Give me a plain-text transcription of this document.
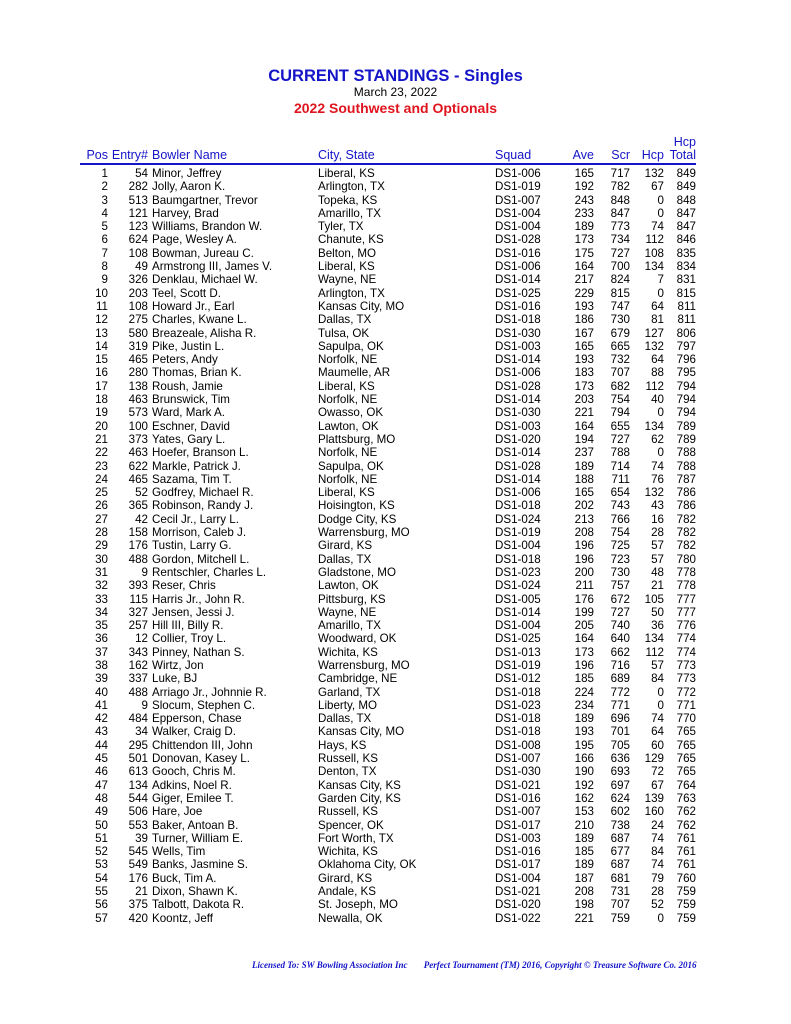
CURRENT STANDINGS - Singles
March 23, 2022
2022 Southwest and Optionals
Pos	Entry#	Bowler Name	City, State	Squad	Ave	Scr	Hcp	Hcp
Total
1	54	Minor, Jeffrey	Liberal, KS	DS1-006	165	717	132	849
2	282	Jolly, Aaron K.	Arlington, TX	DS1-019	192	782	67	849
3	513	Baumgartner, Trevor	Topeka, KS	DS1-007	243	848	0	848
4	121	Harvey, Brad	Amarillo, TX	DS1-004	233	847	0	847
5	123	Williams, Brandon W.	Tyler, TX	DS1-004	189	773	74	847
6	624	Page, Wesley A.	Chanute, KS	DS1-028	173	734	112	846
7	108	Bowman, Jureau C.	Belton, MO	DS1-016	175	727	108	835
8	49	Armstrong III, James V.	Liberal, KS	DS1-006	164	700	134	834
9	326	Denklau, Michael W.	Wayne, NE	DS1-014	217	824	7	831
10	203	Teel, Scott D.	Arlington, TX	DS1-025	229	815	0	815
11	108	Howard Jr., Earl	Kansas City, MO	DS1-016	193	747	64	811
12	275	Charles, Kwane L.	Dallas, TX	DS1-018	186	730	81	811
13	580	Breazeale, Alisha R.	Tulsa, OK	DS1-030	167	679	127	806
14	319	Pike, Justin L.	Sapulpa, OK	DS1-003	165	665	132	797
15	465	Peters, Andy	Norfolk, NE	DS1-014	193	732	64	796
16	280	Thomas, Brian K.	Maumelle, AR	DS1-006	183	707	88	795
17	138	Roush, Jamie	Liberal, KS	DS1-028	173	682	112	794
18	463	Brunswick, Tim	Norfolk, NE	DS1-014	203	754	40	794
19	573	Ward, Mark A.	Owasso, OK	DS1-030	221	794	0	794
20	100	Eschner, David	Lawton, OK	DS1-003	164	655	134	789
21	373	Yates, Gary L.	Plattsburg, MO	DS1-020	194	727	62	789
22	463	Hoefer, Branson L.	Norfolk, NE	DS1-014	237	788	0	788
23	622	Markle, Patrick J.	Sapulpa, OK	DS1-028	189	714	74	788
24	465	Sazama, Tim T.	Norfolk, NE	DS1-014	188	711	76	787
25	52	Godfrey, Michael R.	Liberal, KS	DS1-006	165	654	132	786
26	365	Robinson, Randy J.	Hoisington, KS	DS1-018	202	743	43	786
27	42	Cecil Jr., Larry L.	Dodge City, KS	DS1-024	213	766	16	782
28	158	Morrison, Caleb J.	Warrensburg, MO	DS1-019	208	754	28	782
29	176	Tustin, Larry G.	Girard, KS	DS1-004	196	725	57	782
30	488	Gordon, Mitchell L.	Dallas, TX	DS1-018	196	723	57	780
31	9	Rentschler, Charles L.	Gladstone, MO	DS1-023	200	730	48	778
32	393	Reser, Chris	Lawton, OK	DS1-024	211	757	21	778
33	115	Harris Jr., John R.	Pittsburg, KS	DS1-005	176	672	105	777
34	327	Jensen, Jessi J.	Wayne, NE	DS1-014	199	727	50	777
35	257	Hill III, Billy R.	Amarillo, TX	DS1-004	205	740	36	776
36	12	Collier, Troy L.	Woodward, OK	DS1-025	164	640	134	774
37	343	Pinney, Nathan S.	Wichita, KS	DS1-013	173	662	112	774
38	162	Wirtz, Jon	Warrensburg, MO	DS1-019	196	716	57	773
39	337	Luke, BJ	Cambridge, NE	DS1-012	185	689	84	773
40	488	Arriago Jr., Johnnie R.	Garland, TX	DS1-018	224	772	0	772
41	9	Slocum, Stephen C.	Liberty, MO	DS1-023	234	771	0	771
42	484	Epperson, Chase	Dallas, TX	DS1-018	189	696	74	770
43	34	Walker, Craig D.	Kansas City, MO	DS1-018	193	701	64	765
44	295	Chittendon III, John	Hays, KS	DS1-008	195	705	60	765
45	501	Donovan, Kasey L.	Russell, KS	DS1-007	166	636	129	765
46	613	Gooch, Chris M.	Denton, TX	DS1-030	190	693	72	765
47	134	Adkins, Noel R.	Kansas City, KS	DS1-021	192	697	67	764
48	544	Giger, Emilee T.	Garden City, KS	DS1-016	162	624	139	763
49	506	Hare, Joe	Russell, KS	DS1-007	153	602	160	762
50	553	Baker, Antoan B.	Spencer, OK	DS1-017	210	738	24	762
51	39	Turner, William E.	Fort Worth, TX	DS1-003	189	687	74	761
52	545	Wells, Tim	Wichita, KS	DS1-016	185	677	84	761
53	549	Banks, Jasmine S.	Oklahoma City, OK	DS1-017	189	687	74	761
54	176	Buck, Tim A.	Girard, KS	DS1-004	187	681	79	760
55	21	Dixon, Shawn K.	Andale, KS	DS1-021	208	731	28	759
56	375	Talbott, Dakota R.	St. Joseph, MO	DS1-020	198	707	52	759
57	420	Koontz, Jeff	Newalla, OK	DS1-022	221	759	0	759
Licensed To: SW Bowling Association Inc Perfect Tournament (TM) 2016, Copyright © Treasure Software Co. 2016
